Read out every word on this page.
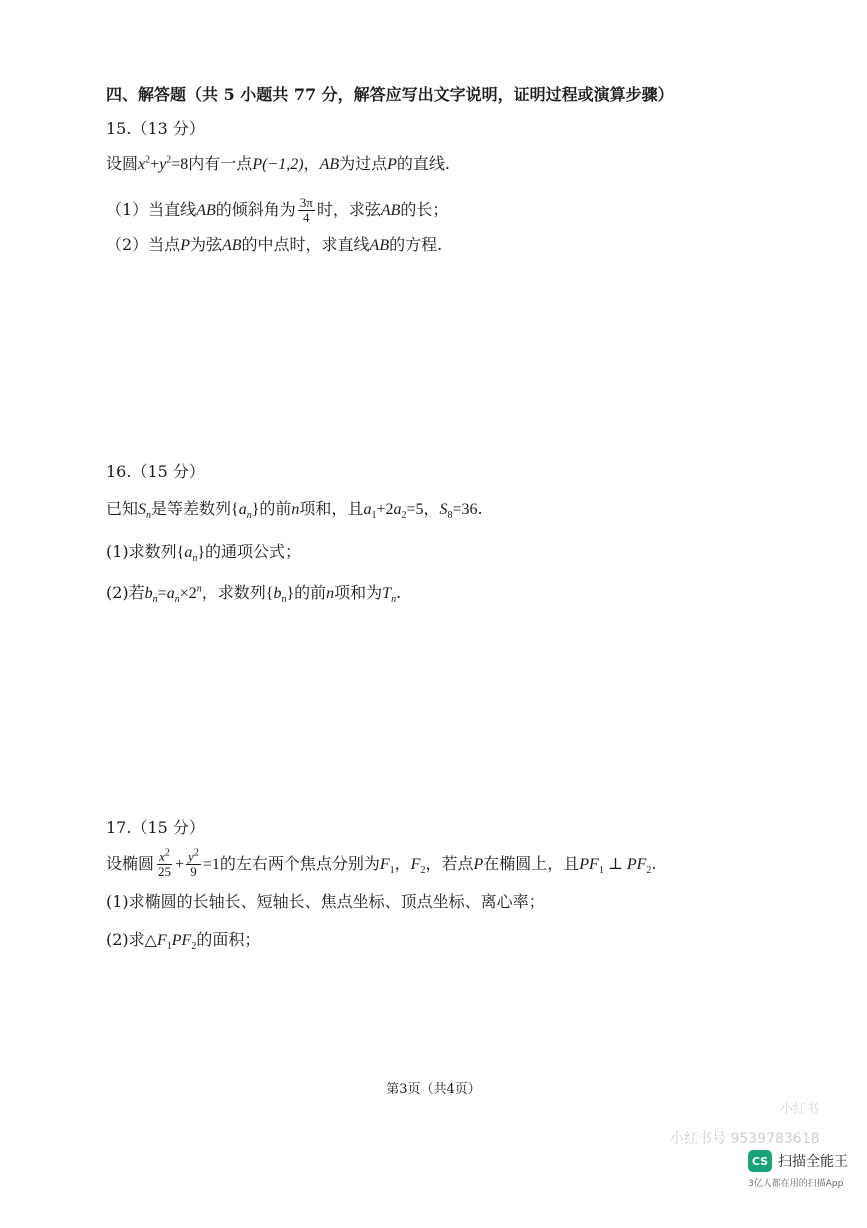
四、解答题（共 5 小题共 77 分，解答应写出文字说明，证明过程或演算步骤）
15.（13 分）
设圆$x^2+y^2=8$内有一点P(−1,2)，AB为过点P的直线.
（1）当直线AB的倾斜角为 $\frac{3\pi}{4}$ 时，求弦AB的长；
（2）当点P为弦AB的中点时，求直线AB的方程.
16.（15 分）
已知$S_n$是等差数列$\{a_n\}$的前n项和，且$a_1+2a_2=5$，$S_8=36$.
(1)求数列$\{a_n\}$的通项公式；
(2)若$b_n=a_n\times 2^n$，求数列$\{b_n\}$的前n项和为$T_n$.
17.（15 分）
设椭圆 $\frac{x^2}{25} + \frac{y^2}{9} =1$的左右两个焦点分别为$F_1$，$F_2$，若点P在椭圆上，且$PF_1$ ⊥ $PF_2$.
(1)求椭圆的长轴长、短轴长、焦点坐标、顶点坐标、离心率；
(2)求$\triangle F_1PF_2$的面积；
第3页（共4页）
小红书
小红书号 9539783618
CS 扫描全能王
3亿人都在用的扫描App
